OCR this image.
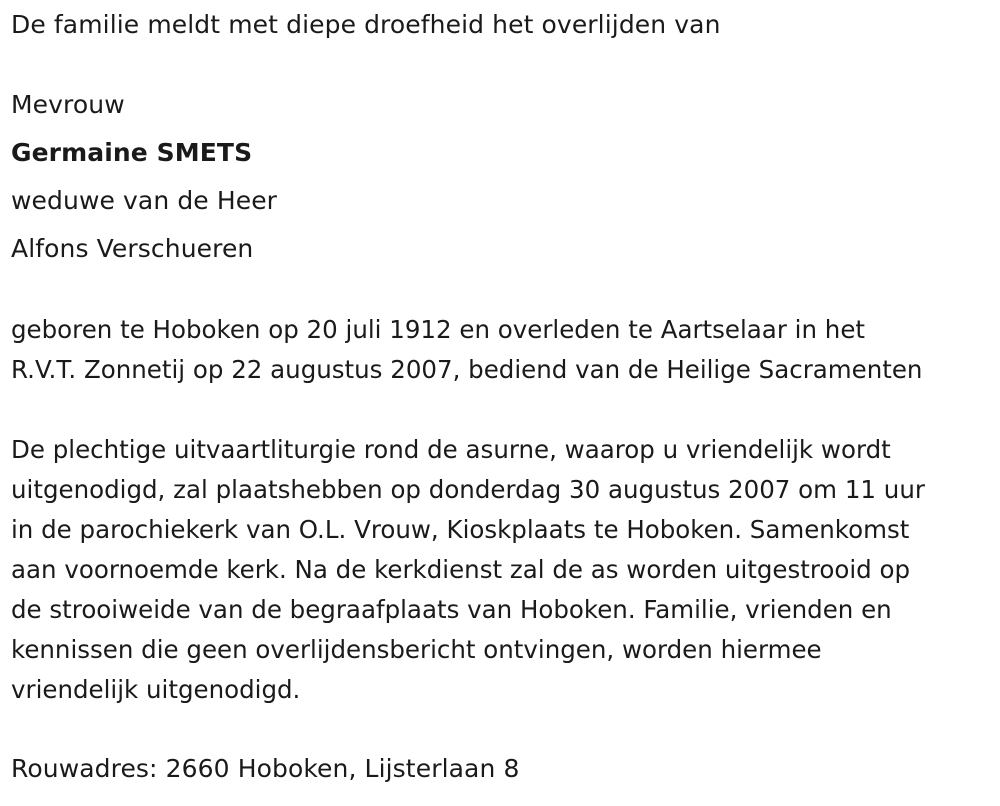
De familie meldt met diepe droefheid het overlijden van
Mevrouw
Germaine SMETS
weduwe van de Heer
Alfons Verschueren
geboren te Hoboken op 20 juli 1912 en overleden te Aartselaar in het
R.V.T. Zonnetij op 22 augustus 2007, bediend van de Heilige Sacramenten
De plechtige uitvaartliturgie rond de asurne, waarop u vriendelijk wordt
uitgenodigd, zal plaatshebben op donderdag 30 augustus 2007 om 11 uur
in de parochiekerk van O.L. Vrouw, Kioskplaats te Hoboken. Samenkomst
aan voornoemde kerk. Na de kerkdienst zal de as worden uitgestrooid op
de strooiweide van de begraafplaats van Hoboken. Familie, vrienden en
kennissen die geen overlijdensbericht ontvingen, worden hiermee
vriendelijk uitgenodigd.
Rouwadres: 2660 Hoboken, Lijsterlaan 8
